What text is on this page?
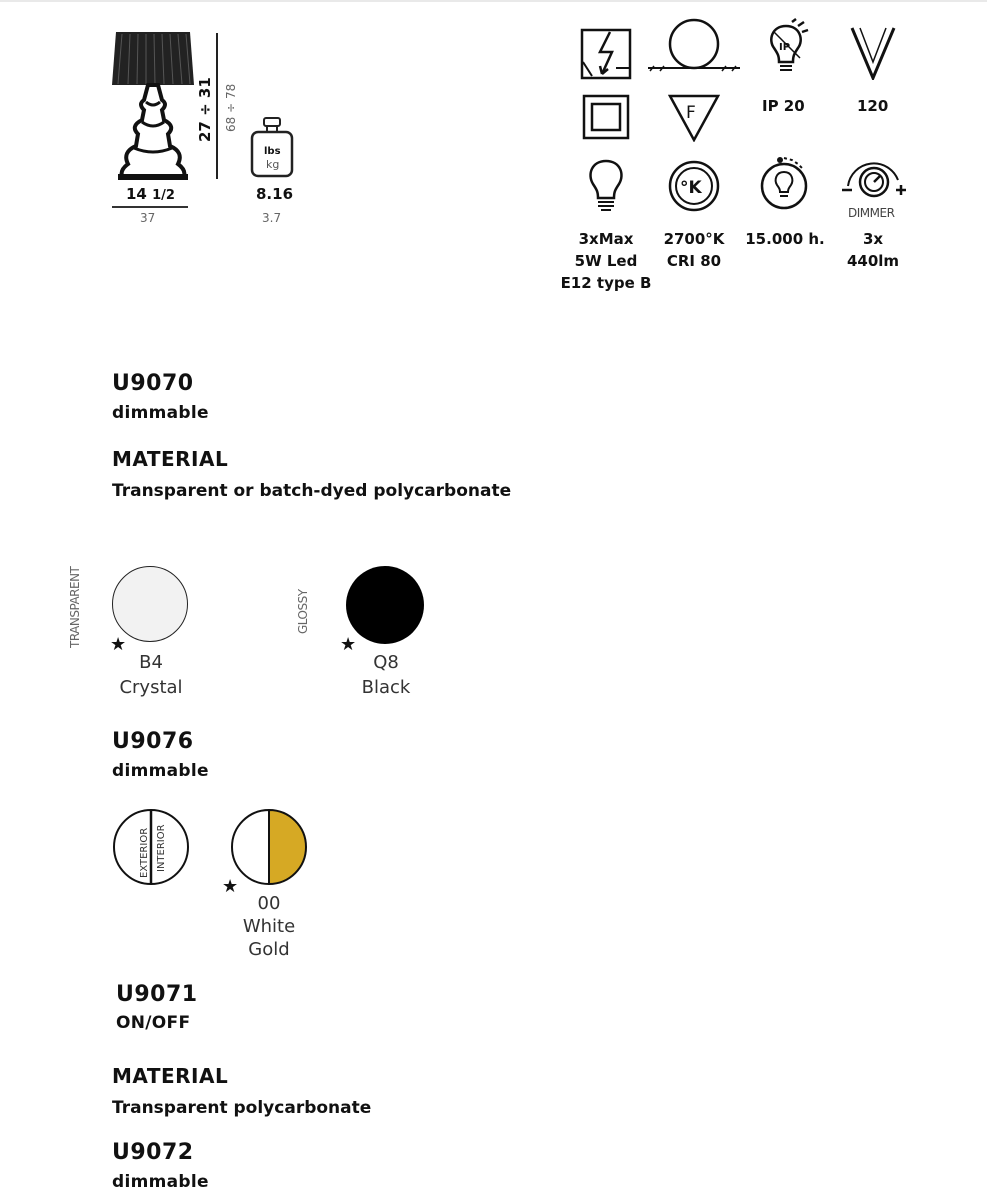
27 ÷ 31 68 ÷ 78
14 1/2
37
lbs
kg
8.16
3.7
IP
F	IP 20	120
°K
DIMMER
3xMax
5W Led
E12 type B
2700°K
CRI 80
15.000 h.	3x
440lm
U9070
dimmable
MATERIAL
Transparent or batch-dyed polycarbonate
TRANSPARENT	GLOSSY
★
B4
Crystal
★
Q8
Black
U9076
dimmable
EXTERIOR INTERIOR
★
00
White
Gold
U9071
ON/OFF
MATERIAL
Transparent polycarbonate
U9072
dimmable
